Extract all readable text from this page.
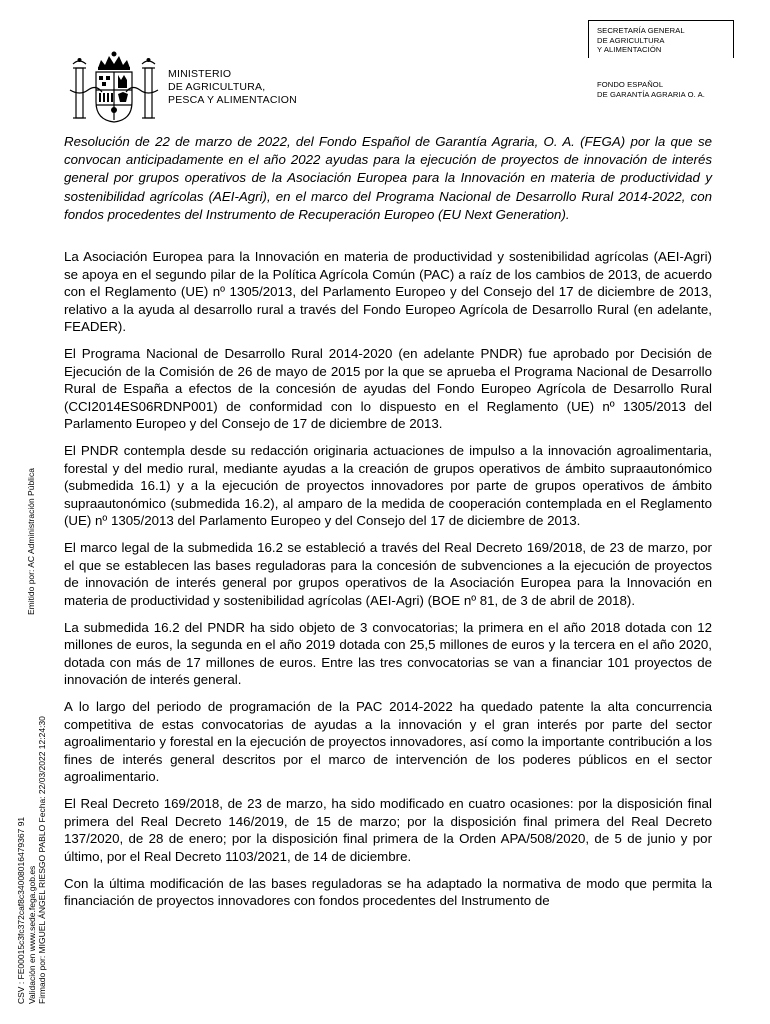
MINISTERIO
DE AGRICULTURA,
PESCA Y ALIMENTACION
SECRETARÍA GENERAL
DE AGRICULTURA
Y ALIMENTACIÓN
FONDO ESPAÑOL
DE GARANTÍA AGRARIA O. A.

Resolución de 22 de marzo de 2022, del Fondo Español de Garantía Agraria, O. A. (FEGA) por la que se convocan anticipadamente en el año 2022 ayudas para la ejecución de proyectos de innovación de interés general por grupos operativos de la Asociación Europea para la Innovación en materia de productividad y sostenibilidad agrícolas (AEI-Agri), en el marco del Programa Nacional de Desarrollo Rural 2014-2022, con fondos procedentes del Instrumento de Recuperación Europeo (EU Next Generation).

La Asociación Europea para la Innovación en materia de productividad y sostenibilidad agrícolas (AEI-Agri) se apoya en el segundo pilar de la Política Agrícola Común (PAC) a raíz de los cambios de 2013, de acuerdo con el Reglamento (UE) nº 1305/2013, del Parlamento Europeo y del Consejo del 17 de diciembre de 2013, relativo a la ayuda al desarrollo rural a través del Fondo Europeo Agrícola de Desarrollo Rural (en adelante, FEADER).

El Programa Nacional de Desarrollo Rural 2014-2020 (en adelante PNDR) fue aprobado por Decisión de Ejecución de la Comisión de 26 de mayo de 2015 por la que se aprueba el Programa Nacional de Desarrollo Rural de España a efectos de la concesión de ayudas del Fondo Europeo Agrícola de Desarrollo Rural (CCI2014ES06RDNP001) de conformidad con lo dispuesto en el Reglamento (UE) nº 1305/2013 del Parlamento Europeo y del Consejo de 17 de diciembre de 2013.

El PNDR contempla desde su redacción originaria actuaciones de impulso a la innovación agroalimentaria, forestal y del medio rural, mediante ayudas a la creación de grupos operativos de ámbito supraautonómico (submedida 16.1) y a la ejecución de proyectos innovadores por parte de grupos operativos de ámbito supraautonómico (submedida 16.2), al amparo de la medida de cooperación contemplada en el Reglamento (UE) nº 1305/2013 del Parlamento Europeo y del Consejo del 17 de diciembre de 2013.

El marco legal de la submedida 16.2 se estableció a través del Real Decreto 169/2018, de 23 de marzo, por el que se establecen las bases reguladoras para la concesión de subvenciones a la ejecución de proyectos de innovación de interés general por grupos operativos de la Asociación Europea para la Innovación en materia de productividad y sostenibilidad agrícolas (AEI-Agri) (BOE nº 81, de 3 de abril de 2018).

La submedida 16.2 del PNDR ha sido objeto de 3 convocatorias; la primera en el año 2018 dotada con 12 millones de euros, la segunda en el año 2019 dotada con 25,5 millones de euros y la tercera en el año 2020, dotada con más de 17 millones de euros. Entre las tres convocatorias se van a financiar 101 proyectos de innovación de interés general.

A lo largo del periodo de programación de la PAC 2014-2022 ha quedado patente la alta concurrencia competitiva de estas convocatorias de ayudas a la innovación y el gran interés por parte del sector agroalimentario y forestal en la ejecución de proyectos innovadores, así como la importante contribución a los fines de interés general descritos por el marco de intervención de los poderes públicos en el sector agroalimentario.

El Real Decreto 169/2018, de 23 de marzo, ha sido modificado en cuatro ocasiones: por la disposición final primera del Real Decreto 146/2019, de 15 de marzo; por la disposición final primera del Real Decreto 137/2020, de 28 de enero; por la disposición final primera de la Orden APA/508/2020, de 5 de junio y por último, por el Real Decreto 1103/2021, de 14 de diciembre.

Con la última modificación de las bases reguladoras se ha adaptado la normativa de modo que permita la financiación de proyectos innovadores con fondos procedentes del Instrumento de

Emitido por: AC Administración Pública
CSV : FE00015c3fc372caf8c34008016479367 91 Validación en www.sede.fega.gob.es Firmado por: MIGUEL ÁNGEL RIESGO PABLO Fecha: 22/03/2022 12:24:30
